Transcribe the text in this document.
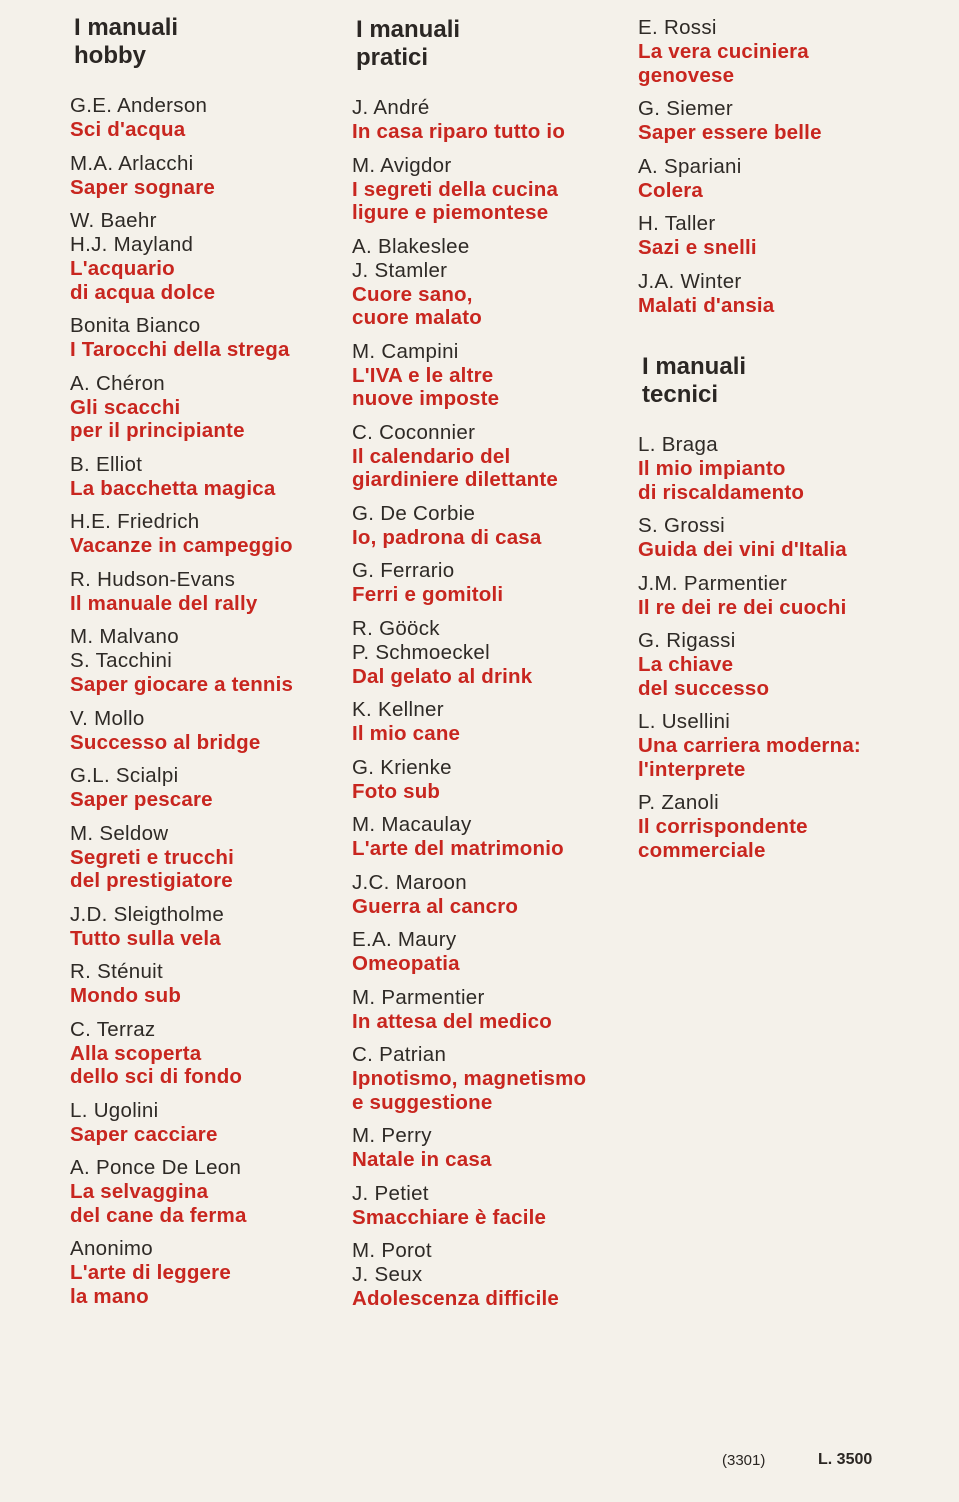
I manuali hobby
G.E. Anderson
Sci d'acqua
M.A. Arlacchi
Saper sognare
W. Baehr
H.J. Mayland
L'acquario
di acqua dolce
Bonita Bianco
I Tarocchi della strega
A. Chéron
Gli scacchi
per il principiante
B. Elliot
La bacchetta magica
H.E. Friedrich
Vacanze in campeggio
R. Hudson-Evans
Il manuale del rally
M. Malvano
S. Tacchini
Saper giocare a tennis
V. Mollo
Successo al bridge
G.L. Scialpi
Saper pescare
M. Seldow
Segreti e trucchi
del prestigiatore
J.D. Sleigtholme
Tutto sulla vela
R. Sténuit
Mondo sub
C. Terraz
Alla scoperta
dello sci di fondo
L. Ugolini
Saper cacciare
A. Ponce De Leon
La selvaggina
del cane da ferma
Anonimo
L'arte di leggere
la mano
I manuali pratici
J. André
In casa riparo tutto io
M. Avigdor
I segreti della cucina
ligure e piemontese
A. Blakeslee
J. Stamler
Cuore sano,
cuore malato
M. Campini
L'IVA e le altre
nuove imposte
C. Coconnier
Il calendario del
giardiniere dilettante
G. De Corbie
Io, padrona di casa
G. Ferrario
Ferri e gomitoli
R. Gööck
P. Schmoeckel
Dal gelato al drink
K. Kellner
Il mio cane
G. Krienke
Foto sub
M. Macaulay
L'arte del matrimonio
J.C. Maroon
Guerra al cancro
E.A. Maury
Omeopatia
M. Parmentier
In attesa del medico
C. Patrian
Ipnotismo, magnetismo
e suggestione
M. Perry
Natale in casa
J. Petiet
Smacchiare è facile
M. Porot
J. Seux
Adolescenza difficile
E. Rossi
La vera cuciniera
genovese
G. Siemer
Saper essere belle
A. Spariani
Colera
H. Taller
Sazi e snelli
J.A. Winter
Malati d'ansia
I manuali tecnici
L. Braga
Il mio impianto
di riscaldamento
S. Grossi
Guida dei vini d'Italia
J.M. Parmentier
Il re dei re dei cuochi
G. Rigassi
La chiave
del successo
L. Usellini
Una carriera moderna:
l'interprete
P. Zanoli
Il corrispondente
commerciale
(3301)	L. 3500
